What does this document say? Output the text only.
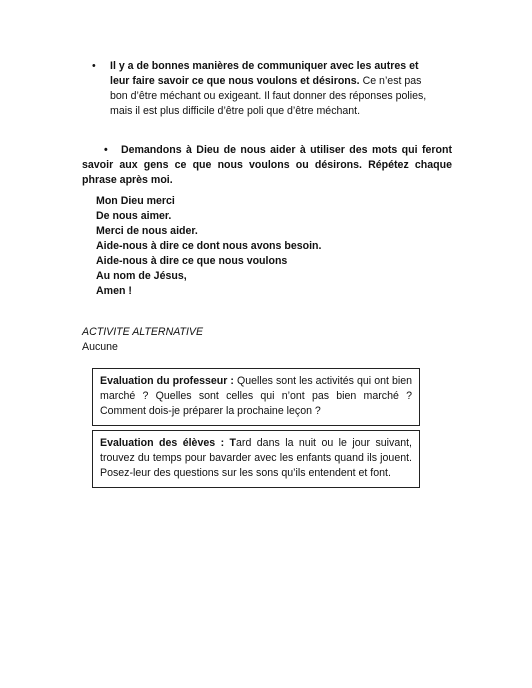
•	Il y a de bonnes manières de communiquer avec les autres et leur faire savoir ce que nous voulons et désirons. Ce n’est pas bon d’être méchant ou exigeant. Il faut donner des réponses polies, mais il est plus difficile d’être poli que d’être méchant.
• Demandons à Dieu de nous aider à utiliser des mots qui feront savoir aux gens ce que nous voulons ou désirons. Répétez chaque phrase après moi.
Mon Dieu merci
De nous aimer.
Merci de nous aider.
Aide-nous à dire ce dont nous avons besoin.
Aide-nous à dire ce que nous voulons
Au nom de Jésus,
Amen !
ACTIVITE ALTERNATIVE
Aucune

Evaluation du professeur : Quelles sont les activités qui ont bien marché ? Quelles sont celles qui n’ont pas bien marché ? Comment dois-je préparer la prochaine leçon ?

Evaluation des élèves : Tard dans la nuit ou le jour suivant, trouvez du temps pour bavarder avec les enfants quand ils jouent. Posez-leur des questions sur les sons qu’ils entendent et font.
